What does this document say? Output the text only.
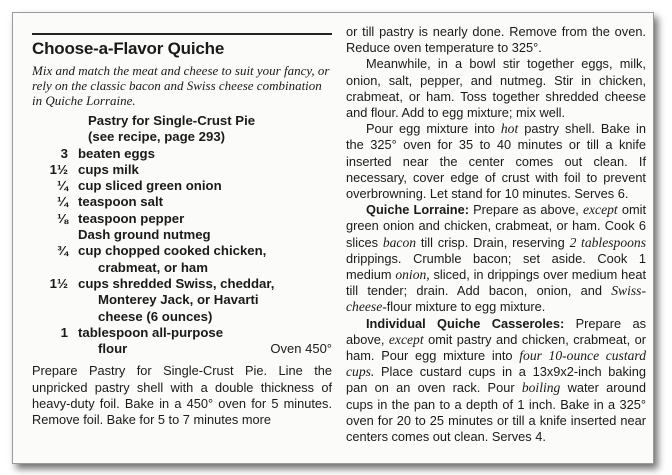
Choose-a-Flavor Quiche

Mix and match the meat and cheese to suit your fancy, or rely on the classic bacon and Swiss cheese combination in Quiche Lorraine.

Pastry for Single-Crust Pie
(see recipe, page 293)
3 beaten eggs
1½ cups milk
¼ cup sliced green onion
¼ teaspoon salt
⅛ teaspoon pepper
Dash ground nutmeg
¾ cup chopped cooked chicken,
crabmeat, or ham
1½ cups shredded Swiss, cheddar,
Monterey Jack, or Havarti
cheese (6 ounces)
1 tablespoon all-purpose
flour	Oven 450°

Prepare Pastry for Single-Crust Pie. Line the unpricked pastry shell with a double thickness of heavy-duty foil. Bake in a 450° oven for 5 minutes. Remove foil. Bake for 5 to 7 minutes more

or till pastry is nearly done. Remove from the oven. Reduce oven temperature to 325°.

Meanwhile, in a bowl stir together eggs, milk, onion, salt, pepper, and nutmeg. Stir in chicken, crabmeat, or ham. Toss together shredded cheese and flour. Add to egg mixture; mix well.

Pour egg mixture into hot pastry shell. Bake in the 325° oven for 35 to 40 minutes or till a knife inserted near the center comes out clean. If necessary, cover edge of crust with foil to prevent overbrowning. Let stand for 10 minutes. Serves 6.

Quiche Lorraine: Prepare as above, except omit green onion and chicken, crabmeat, or ham. Cook 6 slices bacon till crisp. Drain, reserving 2 tablespoons drippings. Crumble bacon; set aside. Cook 1 medium onion, sliced, in drippings over medium heat till tender; drain. Add bacon, onion, and Swiss-cheese-flour mixture to egg mixture.

Individual Quiche Casseroles: Prepare as above, except omit pastry and chicken, crabmeat, or ham. Pour egg mixture into four 10-ounce custard cups. Place custard cups in a 13x9x2-inch baking pan on an oven rack. Pour boiling water around cups in the pan to a depth of 1 inch. Bake in a 325° oven for 20 to 25 minutes or till a knife inserted near centers comes out clean. Serves 4.
